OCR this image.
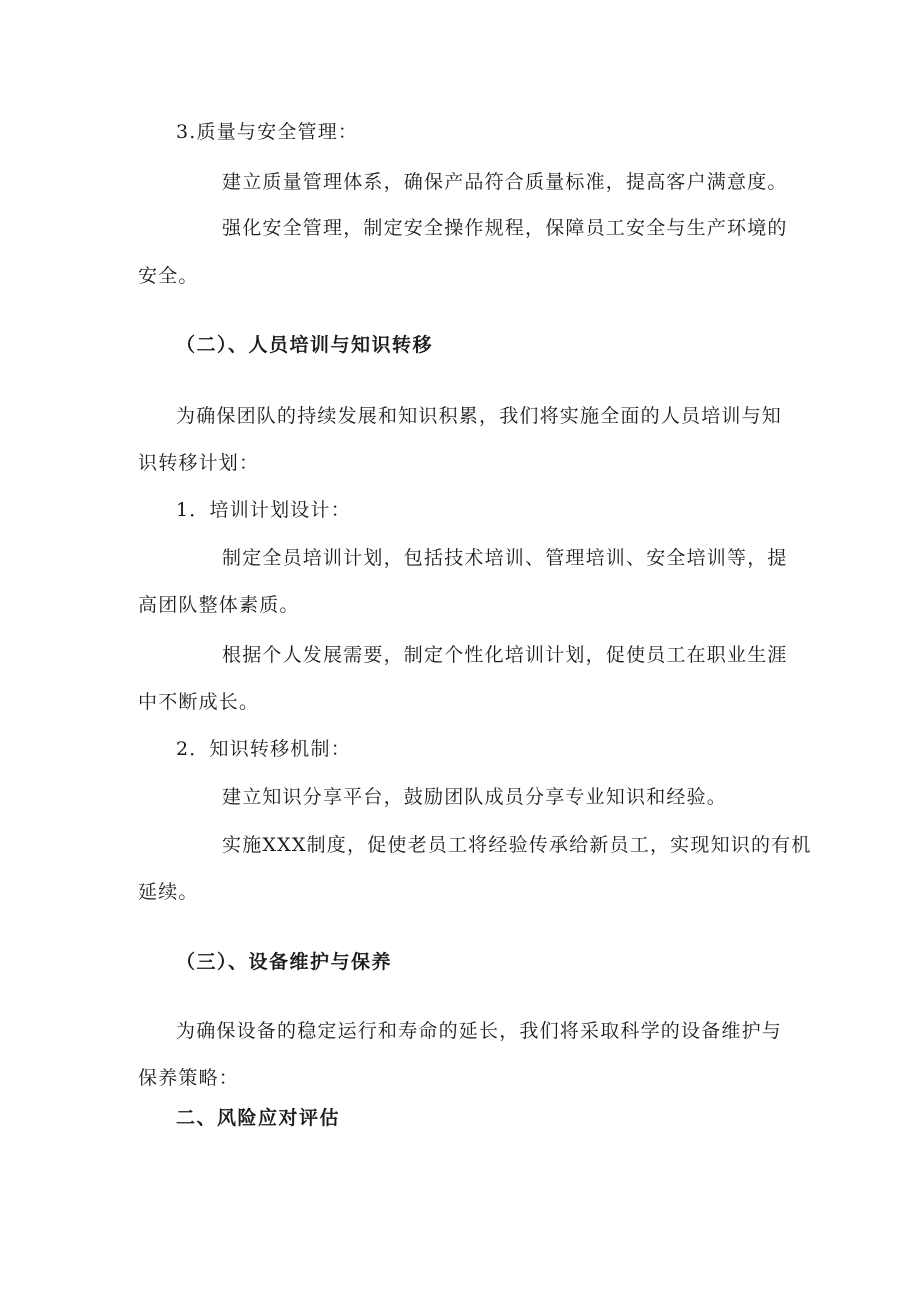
3.质量与安全管理：
建立质量管理体系，确保产品符合质量标准，提高客户满意度。
强化安全管理，制定安全操作规程，保障员工安全与生产环境的
安全。
（二）、人员培训与知识转移
为确保团队的持续发展和知识积累，我们将实施全面的人员培训与知
识转移计划：
1．培训计划设计：
制定全员培训计划，包括技术培训、管理培训、安全培训等，提
高团队整体素质。
根据个人发展需要，制定个性化培训计划，促使员工在职业生涯
中不断成长。
2．知识转移机制：
建立知识分享平台，鼓励团队成员分享专业知识和经验。
实施XXX制度，促使老员工将经验传承给新员工，实现知识的有机
延续。
（三）、设备维护与保养
为确保设备的稳定运行和寿命的延长，我们将采取科学的设备维护与
保养策略：
二、风险应对评估
